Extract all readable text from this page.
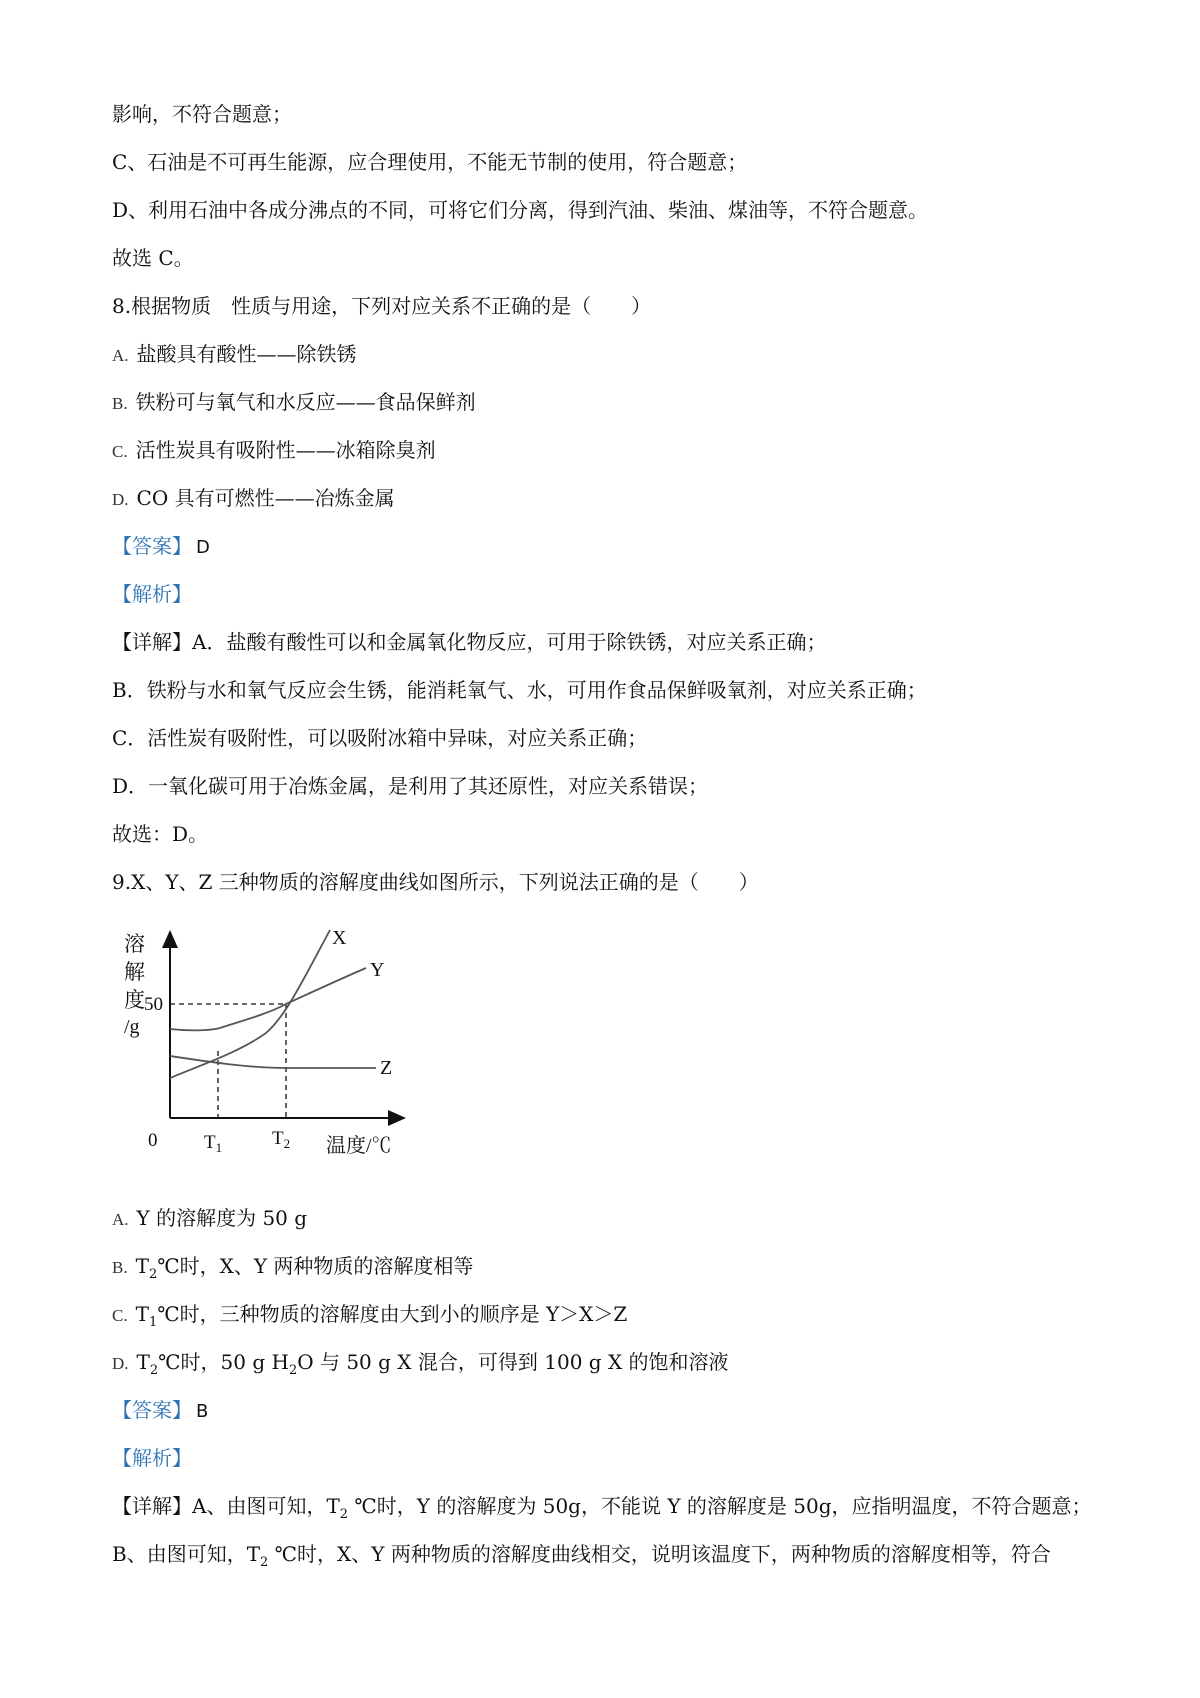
影响，不符合题意；
C、石油是不可再生能源，应合理使用，不能无节制的使用，符合题意；
D、利用石油中各成分沸点的不同，可将它们分离，得到汽油、柴油、煤油等，不符合题意。
故选 C。
8.根据物质　性质与用途，下列对应关系不正确的是（　　）
A. 盐酸具有酸性——除铁锈
B. 铁粉可与氧气和水反应——食品保鲜剂
C. 活性炭具有吸附性——冰箱除臭剂
D. CO 具有可燃性——冶炼金属
【答案】 D
【解析】
【详解】A．盐酸有酸性可以和金属氧化物反应，可用于除铁锈，对应关系正确；
B．铁粉与水和氧气反应会生锈，能消耗氧气、水，可用作食品保鲜吸氧剂，对应关系正确；
C．活性炭有吸附性，可以吸附冰箱中异味，对应关系正确；
D．一氧化碳可用于冶炼金属，是利用了其还原性，对应关系错误；
故选：D。
9.X、Y、Z 三种物质的溶解度曲线如图所示，下列说法正确的是（　　）
溶
解
度
/g
50
0 $T_1$	$T_2$ 温度/℃
X
Y
Z
A. Y 的溶解度为 50 g
B. $T_2℃$时，X、Y 两种物质的溶解度相等
C. $T_1℃$时，三种物质的溶解度由大到小的顺序是 Y＞X＞Z
D. $T_2℃$时，50 g $H_2O$ 与 50 g X 混合，可得到 100 g X 的饱和溶液
【答案】 B
【解析】
【详解】A、由图可知，$T_2$ ℃时，Y 的溶解度为 50g，不能说 Y 的溶解度是 50g，应指明温度，不符合题意；
B、由图可知，$T_2$ ℃时，X、Y 两种物质的溶解度曲线相交，说明该温度下，两种物质的溶解度相等，符合
